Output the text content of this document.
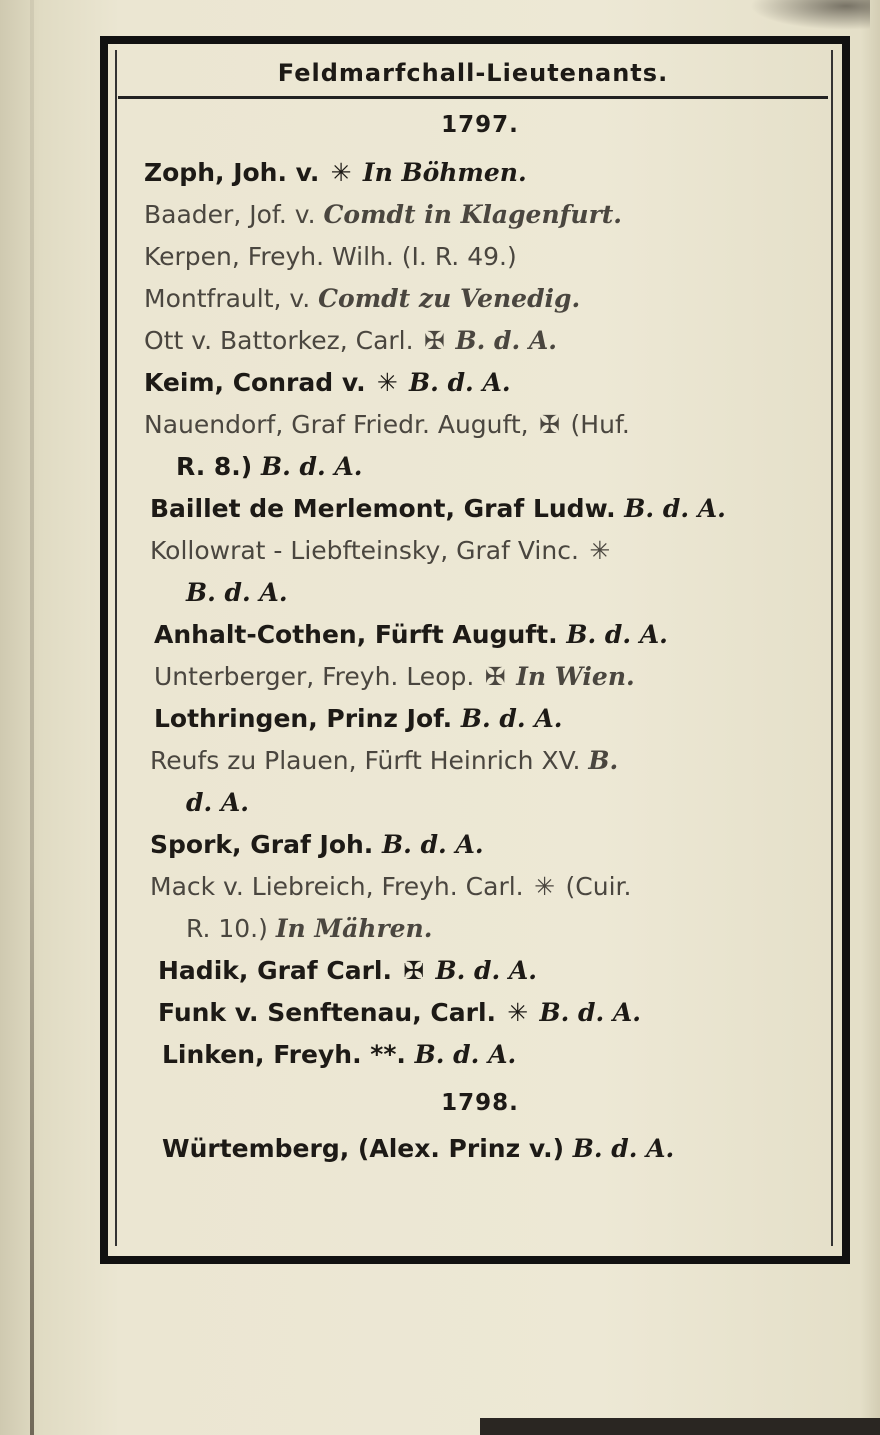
Feldmarfchall-Lieutenants.
1797.
Zoph, Joh. v. ✳ In Böhmen.
Baader, Jof. v. Comdt in Klagenfurt.
Kerpen, Freyh. Wilh. (I. R. 49.)
Montfrault, v. Comdt zu Venedig.
Ott v. Battorkez, Carl. ✠ B. d. A.
Keim, Conrad v. ✳ B. d. A.
Nauendorf, Graf Friedr. Auguft, ✠ (Huf.
R. 8.) B. d. A.
Baillet de Merlemont, Graf Ludw. B. d. A.
Kollowrat - Liebfteinsky, Graf Vinc. ✳
B. d. A.
Anhalt-Cothen, Fürft Auguft. B. d. A.
Unterberger, Freyh. Leop. ✠ In Wien.
Lothringen, Prinz Jof. B. d. A.
Reufs zu Plauen, Fürft Heinrich XV. B.
d. A.
Spork, Graf Joh. B. d. A.
Mack v. Liebreich, Freyh. Carl. ✳ (Cuir.
R. 10.) In Mähren.
Hadik, Graf Carl. ✠ B. d. A.
Funk v. Senftenau, Carl. ✳ B. d. A.
Linken, Freyh. **. B. d. A.
1798.
Würtemberg, (Alex. Prinz v.) B. d. A.
